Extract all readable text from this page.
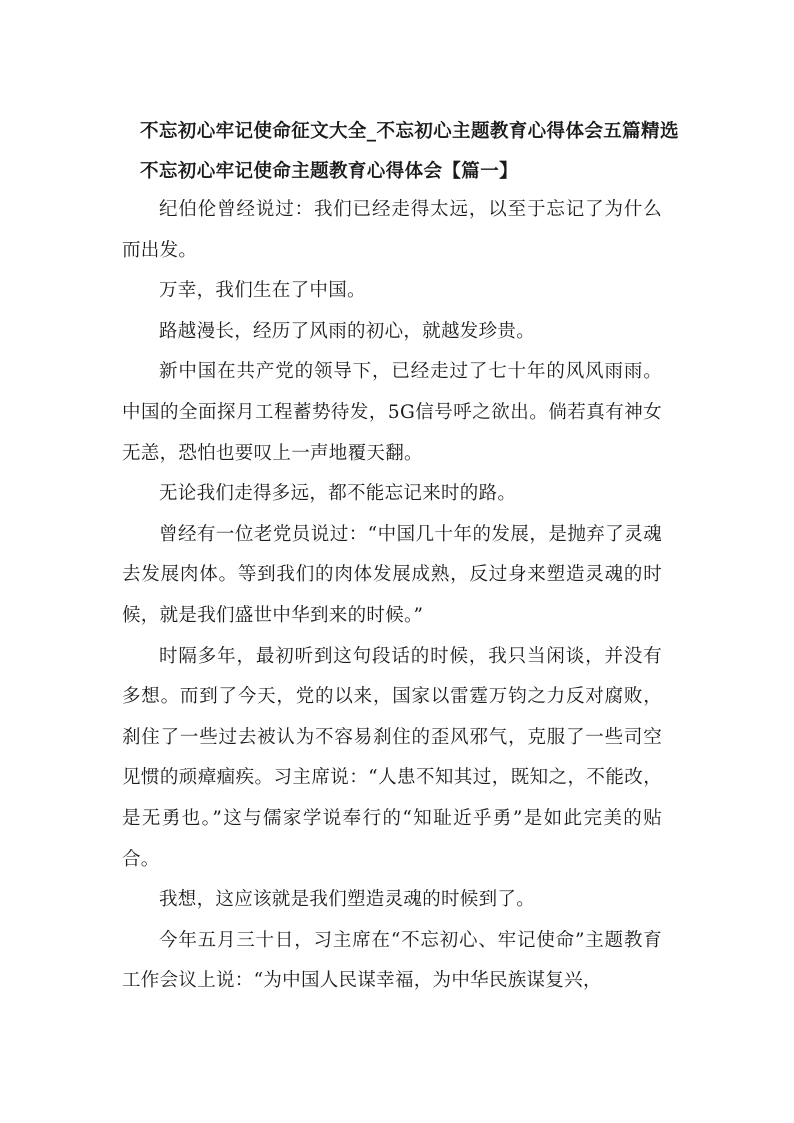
不忘初心牢记使命征文大全_不忘初心主题教育心得体会五篇精选
不忘初心牢记使命主题教育心得体会【篇一】

纪伯伦曾经说过：我们已经走得太远，以至于忘记了为什么而出发。

万幸，我们生在了中国。

路越漫长，经历了风雨的初心，就越发珍贵。

新中国在共产党的领导下，已经走过了七十年的风风雨雨。中国的全面探月工程蓄势待发，5G信号呼之欲出。倘若真有神女无恙，恐怕也要叹上一声地覆天翻。

无论我们走得多远，都不能忘记来时的路。

曾经有一位老党员说过：“中国几十年的发展，是抛弃了灵魂去发展肉体。等到我们的肉体发展成熟，反过身来塑造灵魂的时候，就是我们盛世中华到来的时候。”

时隔多年，最初听到这句段话的时候，我只当闲谈，并没有多想。而到了今天，党的以来，国家以雷霆万钧之力反对腐败，刹住了一些过去被认为不容易刹住的歪风邪气，克服了一些司空见惯的顽瘴痼疾。习主席说：“人患不知其过，既知之，不能改，是无勇也。”这与儒家学说奉行的“知耻近乎勇”是如此完美的贴合。

我想，这应该就是我们塑造灵魂的时候到了。

今年五月三十日，习主席在“不忘初心、牢记使命”主题教育工作会议上说：“为中国人民谋幸福，为中华民族谋复兴，
